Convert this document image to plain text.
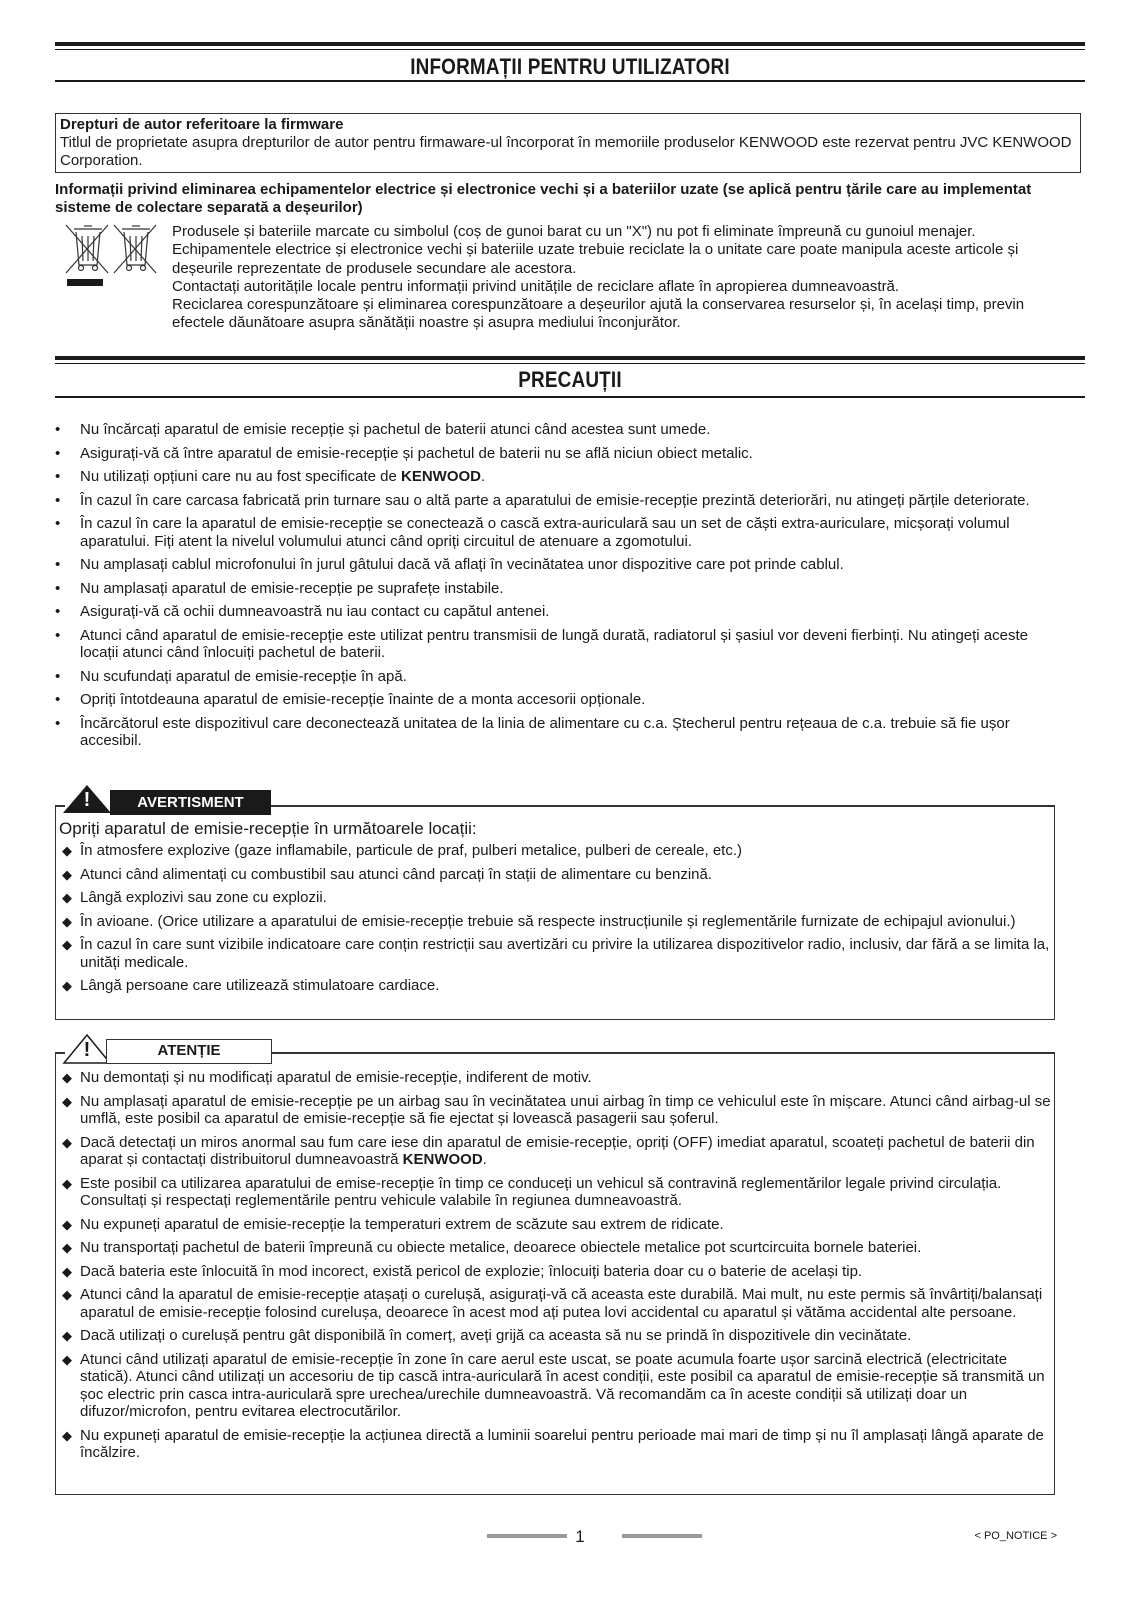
INFORMAȚII PENTRU UTILIZATORI
Drepturi de autor referitoare la firmware
Titlul de proprietate asupra drepturilor de autor pentru firmaware-ul încorporat în memoriile produselor KENWOOD este rezervat pentru JVC KENWOOD Corporation.
Informații privind eliminarea echipamentelor electrice și electronice vechi și a bateriilor uzate (se aplică pentru țările care au implementat sisteme de colectare separată a deșeurilor)

Produsele și bateriile marcate cu simbolul (coș de gunoi barat cu un "X") nu pot fi eliminate împreună cu gunoiul menajer.

Echipamentele electrice și electronice vechi și bateriile uzate trebuie reciclate la o unitate care poate manipula aceste articole și deșeurile reprezentate de produsele secundare ale acestora.

Contactați autoritățile locale pentru informații privind unitățile de reciclare aflate în apropierea dumneavoastră.

Reciclarea corespunzătoare și eliminarea corespunzătoare a deșeurilor ajută la conservarea resurselor și, în același timp, previn efectele dăunătoare asupra sănătății noastre și asupra mediului înconjurător.

PRECAUȚII
• Nu încărcați aparatul de emisie recepție și pachetul de baterii atunci când acestea sunt umede.
• Asigurați-vă că între aparatul de emisie-recepție și pachetul de baterii nu se află niciun obiect metalic.
• Nu utilizați opțiuni care nu au fost specificate de KENWOOD.
• În cazul în care carcasa fabricată prin turnare sau o altă parte a aparatului de emisie-recepție prezintă deteriorări, nu atingeți părțile deteriorate.
• În cazul în care la aparatul de emisie-recepție se conectează o cască extra-auriculară sau un set de căști extra-auriculare, micșorați volumul aparatului. Fiți atent la nivelul volumului atunci când opriți circuitul de atenuare a zgomotului.
• Nu amplasați cablul microfonului în jurul gâtului dacă vă aflați în vecinătatea unor dispozitive care pot prinde cablul.
• Nu amplasați aparatul de emisie-recepție pe suprafețe instabile.
• Asigurați-vă că ochii dumneavoastră nu iau contact cu capătul antenei.
• Atunci când aparatul de emisie-recepție este utilizat pentru transmisii de lungă durată, radiatorul și șasiul vor deveni fierbinți. Nu atingeți aceste locații atunci când înlocuiți pachetul de baterii.
• Nu scufundați aparatul de emisie-recepție în apă.
• Opriți întotdeauna aparatul de emisie-recepție înainte de a monta accesorii opționale.
• Încărcătorul este dispozitivul care deconectează unitatea de la linia de alimentare cu c.a. Ștecherul pentru rețeaua de c.a. trebuie să fie ușor accesibil.
!	AVERTISMENT
Opriți aparatul de emisie-recepție în următoarele locații:
◆ În atmosfere explozive (gaze inflamabile, particule de praf, pulberi metalice, pulberi de cereale, etc.)
◆ Atunci când alimentați cu combustibil sau atunci când parcați în stații de alimentare cu benzină.
◆ Lângă explozivi sau zone cu explozii.
◆ În avioane. (Orice utilizare a aparatului de emisie-recepție trebuie să respecte instrucțiunile și reglementările furnizate de echipajul avionului.)
◆ În cazul în care sunt vizibile indicatoare care conțin restricții sau avertizări cu privire la utilizarea dispozitivelor radio, inclusiv, dar fără a se limita la, unități medicale.
◆ Lângă persoane care utilizează stimulatoare cardiace.
!	ATENȚIE
◆ Nu demontați și nu modificați aparatul de emisie-recepție, indiferent de motiv.
◆ Nu amplasați aparatul de emisie-recepție pe un airbag sau în vecinătatea unui airbag în timp ce vehiculul este în mișcare. Atunci când airbag-ul se umflă, este posibil ca aparatul de emisie-recepție să fie ejectat și lovească pasagerii sau șoferul.
◆ Dacă detectați un miros anormal sau fum care iese din aparatul de emisie-recepție, opriți (OFF) imediat aparatul, scoateți pachetul de baterii din aparat și contactați distribuitorul dumneavoastră KENWOOD.
◆ Este posibil ca utilizarea aparatului de emise-recepție în timp ce conduceți un vehicul să contravină reglementărilor legale privind circulația. Consultați și respectați reglementările pentru vehicule valabile în regiunea dumneavoastră.
◆ Nu expuneți aparatul de emisie-recepție la temperaturi extrem de scăzute sau extrem de ridicate.
◆ Nu transportați pachetul de baterii împreună cu obiecte metalice, deoarece obiectele metalice pot scurtcircuita bornele bateriei.
◆ Dacă bateria este înlocuită în mod incorect, există pericol de explozie; înlocuiți bateria doar cu o baterie de același tip.
◆ Atunci când la aparatul de emisie-recepție atașați o curelușă, asigurați-vă că aceasta este durabilă. Mai mult, nu este permis să învârtiți/balansați aparatul de emisie-recepție folosind curelușa, deoarece în acest mod ați putea lovi accidental cu aparatul și vătăma accidental alte persoane.
◆ Dacă utilizați o curelușă pentru gât disponibilă în comerț, aveți grijă ca aceasta să nu se prindă în dispozitivele din vecinătate.
◆ Atunci când utilizați aparatul de emisie-recepție în zone în care aerul este uscat, se poate acumula foarte ușor sarcină electrică (electricitate statică). Atunci când utilizați un accesoriu de tip cască intra-auriculară în acest condiții, este posibil ca aparatul de emisie-recepție să transmită un șoc electric prin casca intra-auriculară spre urechea/urechile dumneavoastră. Vă recomandăm ca în aceste condiții să utilizați doar un difuzor/microfon, pentru evitarea electrocutărilor.
◆ Nu expuneți aparatul de emisie-recepție la acțiunea directă a luminii soarelui pentru perioade mai mari de timp și nu îl amplasați lângă aparate de încălzire.
1	< PO_NOTICE >
